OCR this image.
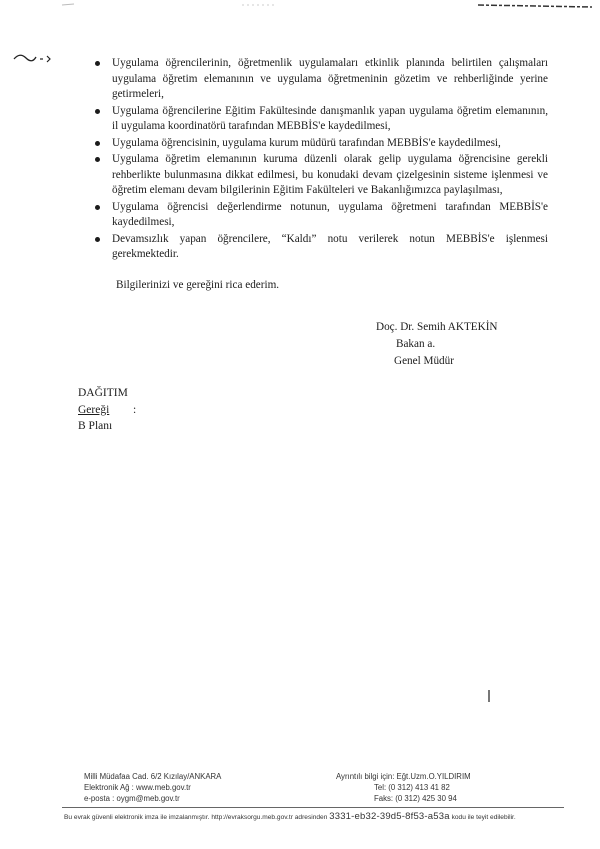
Uygulama öğrencilerinin, öğretmenlik uygulamaları etkinlik planında belirtilen çalışmaları uygulama öğretim elemanının ve uygulama öğretmeninin gözetim ve rehberliğinde yerine getirmeleri,
Uygulama öğrencilerine Eğitim Fakültesinde danışmanlık yapan uygulama öğretim elemanının, il uygulama koordinatörü tarafından MEBBİS'e kaydedilmesi,
Uygulama öğrencisinin, uygulama kurum müdürü tarafından MEBBİS'e kaydedilmesi,
Uygulama öğretim elemanının kuruma düzenli olarak gelip uygulama öğrencisine gerekli rehberlikte bulunmasına dikkat edilmesi, bu konudaki devam çizelgesinin sisteme işlenmesi ve öğretim elemanı devam bilgilerinin Eğitim Fakülteleri ve Bakanlığımızca paylaşılması,
Uygulama öğrencisi değerlendirme notunun, uygulama öğretmeni tarafından MEBBİS'e kaydedilmesi,
Devamsızlık yapan öğrencilere, “Kaldı” notu verilerek notun MEBBİS'e işlenmesi gerekmektedir.
Bilgilerinizi ve gereğini rica ederim.
Doç. Dr. Semih AKTEKİN
Bakan a.
Genel Müdür
DAĞITIM
Gereği :
B Planı
Milli Müdafaa Cad. 6/2 Kızılay/ANKARA
Elektronik Ağ : www.meb.gov.tr
e-posta : oygm@meb.gov.tr
Ayrıntılı bilgi için: Eğt.Uzm.O.YILDIRIM
Tel: (0 312) 413 41 82
Faks: (0 312) 425 30 94
Bu evrak güvenli elektronik imza ile imzalanmıştır. http://evraksorgu.meb.gov.tr adresinden 3331-eb32-39d5-8f53-a53a kodu ile teyit edilebilir.
